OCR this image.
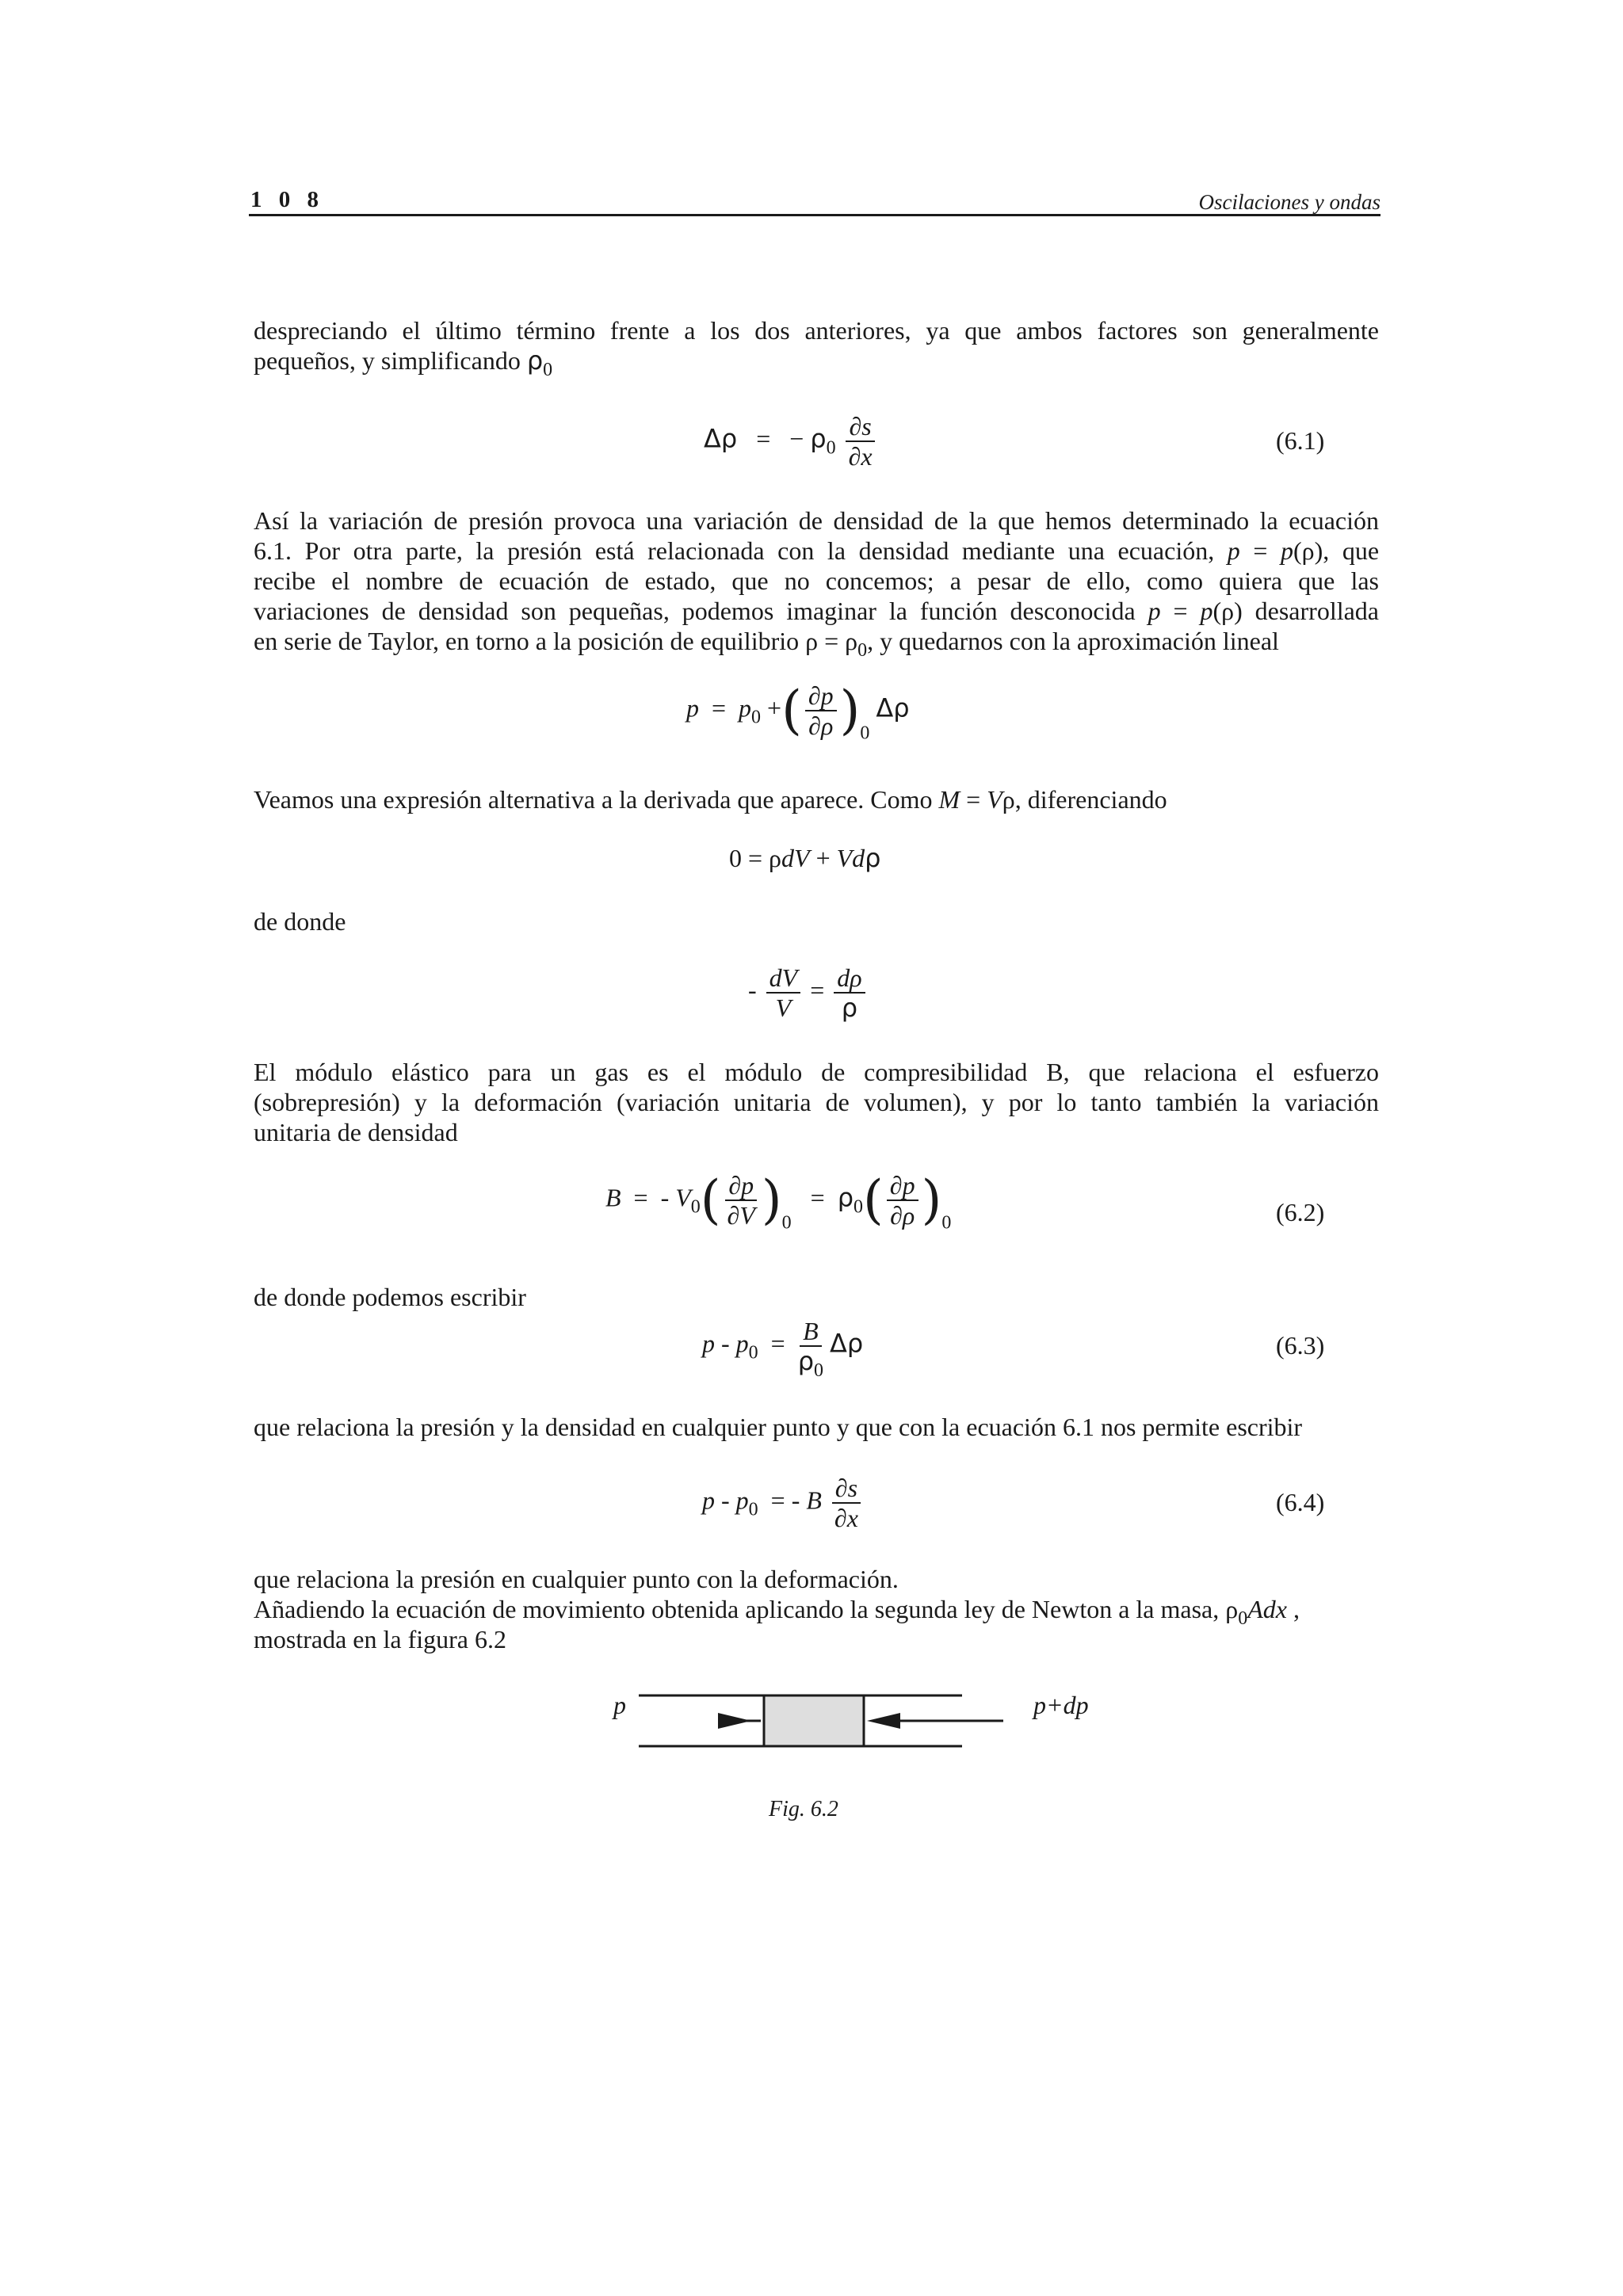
1 0 8	Oscilaciones y ondas
despreciando el último término frente a los dos anteriores, ya que ambos factores son generalmente
pequeños, y simplificando $\rho_0$
Δρ = − $\rho_0 \frac{\partial s}{\partial x}$	(6.1)
Así la variación de presión provoca una variación de densidad de la que hemos determinado la ecuación
6.1. Por otra parte, la presión está relacionada con la densidad mediante una ecuación, p = p(ρ), que
recibe el nombre de ecuación de estado, que no concemos; a pesar de ello, como quiera que las
variaciones de densidad son pequeñas, podemos imaginar la función desconocida p = p(ρ) desarrollada
en serie de Taylor, en torno a la posición de equilibrio $\rho = \rho_0$, y quedarnos con la aproximación lineal
$p = p_0$ +( $\frac{\partial p}{\partial\rho} )_0$ Δρ
Veamos una expresión alternativa a la derivada que aparece. Como M = Vρ, diferenciando
0 = ρdV + Vdρ
de donde
- $\frac{dV}{V} = \frac{d\rho}{\rho}$
El módulo elástico para un gas es el módulo de compresibilidad B, que relaciona el esfuerzo
(sobrepresión) y la deformación (variación unitaria de volumen), y por lo tanto también la variación
unitaria de densidad
B = - $V_0( \frac{\partial p}{\partial V} )_0 = \rho_0( \frac{\partial p}{\partial\rho} )_0$	(6.2)
de donde podemos escribir
$p - p_0 = \frac{B}{\rho_0}$ Δρ	(6.3)
que relaciona la presión y la densidad en cualquier punto y que con la ecuación 6.1 nos permite escribir
p - $p_0$ = - B $\frac{\partial s}{\partial x}$	(6.4)
que relaciona la presión en cualquier punto con la deformación.
Añadiendo la ecuación de movimiento obtenida aplicando la segunda ley de Newton a la masa, $\rho_0Adx$ ,
mostrada en la figura 6.2
p	p+dp
Fig. 6.2
